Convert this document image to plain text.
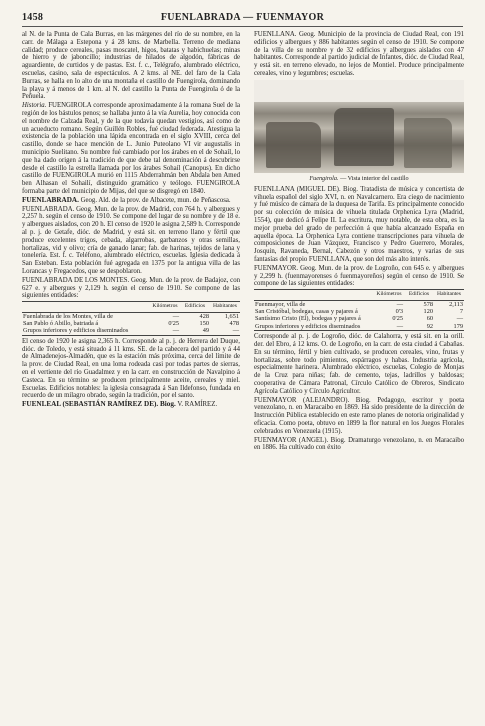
1458	FUENLABRADA — FUENMAYOR

al N. de la Punta de Cala Burras, en las márgenes del río de su nombre, en la carr. de Málaga a Estepona y á 28 kms. de Marbella. Terreno de mediana calidad; produce cereales, pasas moscatel, higos, batatas y habichuelas; minas de hierro y de jaboncillo; industrias de hilados de algodón, fábricas de aguardiente, de curtidos y de pastas. Est. f. c., Telégrafo, alumbrado eléctrico, escuelas, casino, sala de espectáculos. A 2 kms. al NE. del faro de la Cala Burras, se halla en lo alto de una montaña el castillo de Fuengirola, dominando la playa y á menos de 1 km. al N. del castillo la Punta de Fuengirola ó de la Peñuela.

Historia. FUENGIROLA corresponde aproximadamente á la romana Suel de la región de los bástulos penos; se hallaba junto á la vía Aurelia, hoy conocida con el nombre de Calzada Real, y de la que todavía quedan vestigios, así como de un acueducto romano. Según Guillén Robles, fué ciudad federada. Atestigua la existencia de la población una lápida encontrada en el siglo XVIII, cerca del castillo, donde se hace mención de L. Junio Puteolano VI vir augustalis in municipio Suelitano. Su nombre fué cambiado por los árabes en el de Sohaíl, lo que ha dado origen á la tradición de que debe tal denominación á descubrirse desde el castillo la estrella llamada por los árabes Sohaíl (Canopus). En dicho castillo de FUENGIROLA murió en 1115 Abderrahmán ben Abdala ben Amed ben Alhasan el Sohailí, distinguido gramático y teólogo. FUENGIROLA formaba parte del municipio de Mijas, del que se disgregó en 1840.

FUENLABRADA. Geog. Ald. de la prov. de Albacete, mun. de Peñascosa.

FUENLABRADA. Geog. Mun. de la prov. de Madrid, con 764 h. y albergues y 2,257 h. según el censo de 1910. Se compone del lugar de su nombre y de 18 e. y albergues aislados, con 20 h. El censo de 1920 le asigna 2,589 h. Corresponde al p. j. de Getafe, dióc. de Madrid, y está sit. en terreno llano y fértil que produce excelentes trigos, cebada, algarrobas, garbanzos y otras semillas, hortalizas, vid y olivo; cría de ganado lanar; fab. de harinas, tejidos de lana y tonelería. Est. f. c. Teléfono, alumbrado eléctrico, escuelas. Iglesia dedicada á San Esteban. Esta población fué agregada en 1375 por la antigua villa de las Lorancas y Fregacedos, que se despoblaron.

FUENLABRADA DE LOS MONTES. Geog. Mun. de la prov. de Badajoz, con 627 e. y albergues y 2,129 h. según el censo de 1910. Se compone de las siguientes entidades:

	Kilómetros	Edificios	Habitantes
Fuenlabrada de los Montes, villa de	—	428	1,651
San Pablo ó Abillo, batriada á	0'25	150	478
Grupos inferiores y edificios diseminados	—	49	—

El censo de 1920 le asigna 2,365 h. Corresponde al p. j. de Herrera del Duque, dióc. de Toledo, y está situado á 11 kms. SE. de la cabecera del partido y á 44 de Almadenejos-Almadén, que es la estación más próxima, cerca del límite de la prov. de Ciudad Real, en una loma rodeada casi por todas partes de sierras, en el vertiente del río Guadalmez y en la carr. en construcción de Navalpino á Casteca. En su término se producen principalmente aceite, cereales y miel. Escuelas. Edificios notables: la iglesia consagrada á San Ildefonso, fundada en recuerdo de un milagro obrado, según la tradición, por el santo.

FUENLEAL (SEBASTIÁN RAMÍREZ DE). Biog. V. RAMÍREZ.

FUENLLANA. Geog. Municipio de la provincia de Ciudad Real, con 191 edificios y albergues y 886 habitantes según el censo de 1910. Se compone de la villa de su nombre y de 32 edificios y albergues aislados con 47 habitantes. Corresponde al partido judicial de Infantes, dióc. de Ciudad Real, y está sit. en terreno elevado, no lejos de Montiel. Produce principalmente cereales, vino y legumbres; escuelas.

Fuengirola. — Vista interior del castillo

FUENLLANA (MIGUEL DE). Biog. Tratadista de música y concertista de vihuela español del siglo XVI, n. en Navalcarnero. Era ciego de nacimiento y fué músico de cámara de la duquesa de Tarifa. Es principalmente conocido por su colección de música de vihuela titulada Orphenica Lyra (Madrid, 1554), que dedicó á Felipe II. La escritura, muy notable, de esta obra, es la mejor prueba del grado de perfección á que había alcanzado España en aquella época. La Orphenica Lyra contiene transcripciones para vihuela de composiciones de Juan Vázquez, Francisco y Pedro Guerrero, Morales, Josquin, Ravaneda, Bernal, Cabezón y otros maestros, y varias de sus fantasías del propio FUENLLANA, que son del más alto interés.

FUENMAYOR. Geog. Mun. de la prov. de Logroño, con 645 e. y albergues y 2,299 h. (fuenmayorenses ó fuenmayoreños) según el censo de 1910. Se compone de las siguientes entidades:

	Kilómetros	Edificios	Habitantes
Fuenmayor, villa de	—	578	2,113
San Cristóbal, bodegas, casas y pajares á	0'3	120	7
Santísimo Cristo (El), bodegas y pajares á	0'25	60	—
Grupos inferiores y edificios diseminados	—	92	179

Corresponde al p. j. de Logroño, dióc. de Calahorra, y está sit. en la orill. der. del Ebro, á 12 kms. O. de Logroño, en la carr. de esta ciudad á Cabañas. En su término, fértil y bien cultivado, se producen cereales, vino, frutas y hortalizas, sobre todo pimientos, espárragos y habas. Industria agrícola, especialmente harinera. Alumbrado eléctrico, escuelas, Colegio de Monjas de la Cruz para niñas; fab. de cemento, tejas, ladrillos y baldosas; cooperativa de Cámara Patronal, Círculo Católico de Obreros, Sindicato Agrícola Católico y Círculo Agricultor.

FUENMAYOR (ALEJANDRO). Biog. Pedagogo, escritor y poeta venezolano, n. en Maracaibo en 1869. Ha sido presidente de la dirección de Instrucción Pública establecido en este ramo planes de notoria originalidad y eficacia. Como poeta, obtuvo en 1899 la flor natural en los Juegos Florales celebrados en Venezuela (1915).

FUENMAYOR (ANGEL). Biog. Dramaturgo venezolano, n. en Maracaibo en 1886. Ha cultivado con éxito
